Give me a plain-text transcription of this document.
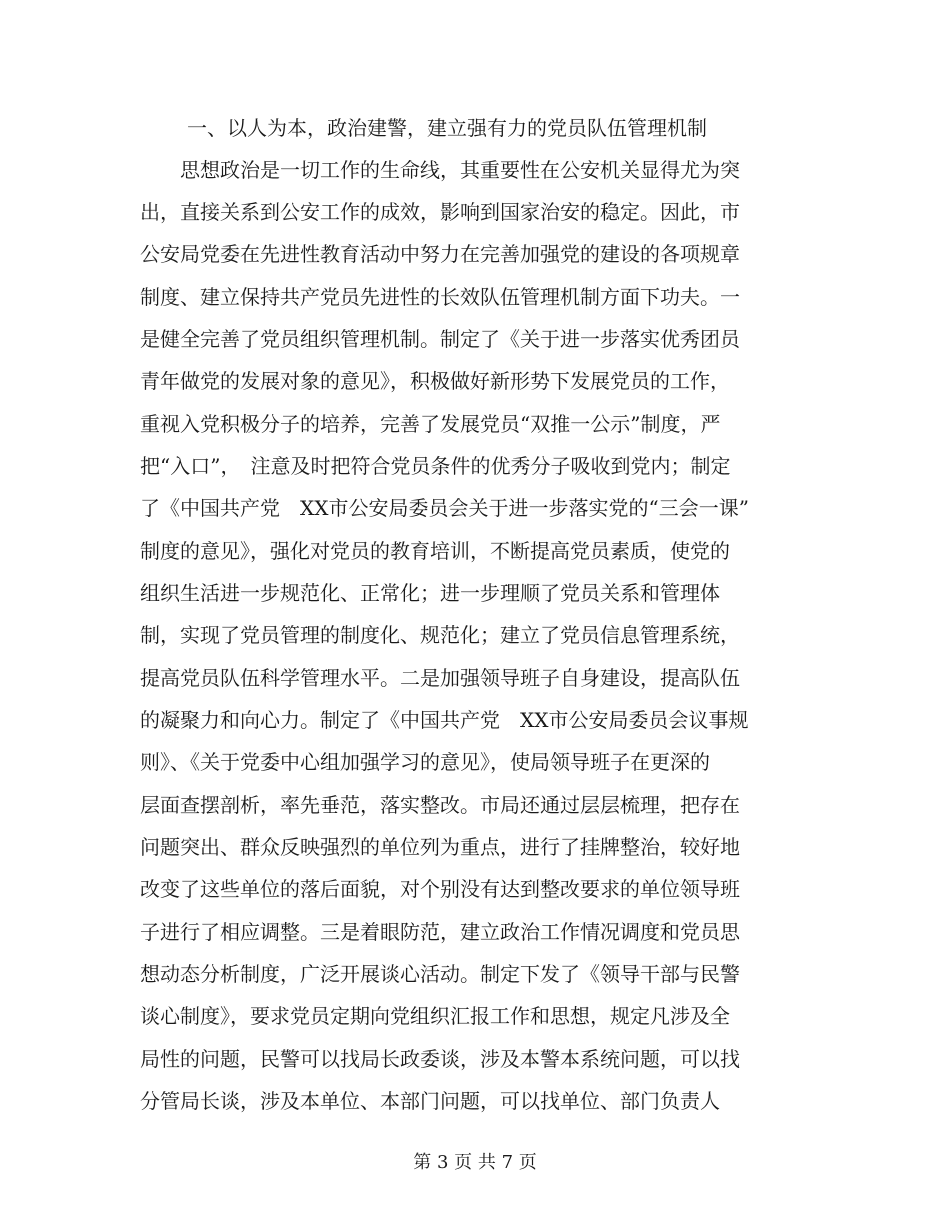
一、以人为本，政治建警，建立强有力的党员队伍管理机制
　　思想政治是一切工作的生命线，其重要性在公安机关显得尤为突
出，直接关系到公安工作的成效，影响到国家治安的稳定。因此，市
公安局党委在先进性教育活动中努力在完善加强党的建设的各项规章
制度、建立保持共产党员先进性的长效队伍管理机制方面下功夫。一
是健全完善了党员组织管理机制。制定了《关于进一步落实优秀团员
青年做党的发展对象的意见》，积极做好新形势下发展党员的工作，
重视入党积极分子的培养，完善了发展党员“双推一公示”制度，严
把“入口”，　注意及时把符合党员条件的优秀分子吸收到党内；制定
了《中国共产党　XX市公安局委员会关于进一步落实党的“三会一课”
制度的意见》，强化对党员的教育培训，不断提高党员素质，使党的
组织生活进一步规范化、正常化；进一步理顺了党员关系和管理体
制，实现了党员管理的制度化、规范化；建立了党员信息管理系统，
提高党员队伍科学管理水平。二是加强领导班子自身建设，提高队伍
的凝聚力和向心力。制定了《中国共产党　XX市公安局委员会议事规
则》、《关于党委中心组加强学习的意见》，使局领导班子在更深的
层面查摆剖析，率先垂范，落实整改。市局还通过层层梳理，把存在
问题突出、群众反映强烈的单位列为重点，进行了挂牌整治，较好地
改变了这些单位的落后面貌，对个别没有达到整改要求的单位领导班
子进行了相应调整。三是着眼防范，建立政治工作情况调度和党员思
想动态分析制度，广泛开展谈心活动。制定下发了《领导干部与民警
谈心制度》，要求党员定期向党组织汇报工作和思想，规定凡涉及全
局性的问题，民警可以找局长政委谈，涉及本警本系统问题，可以找
分管局长谈，涉及本单位、本部门问题，可以找单位、部门负责人
第 3 页 共 7 页
